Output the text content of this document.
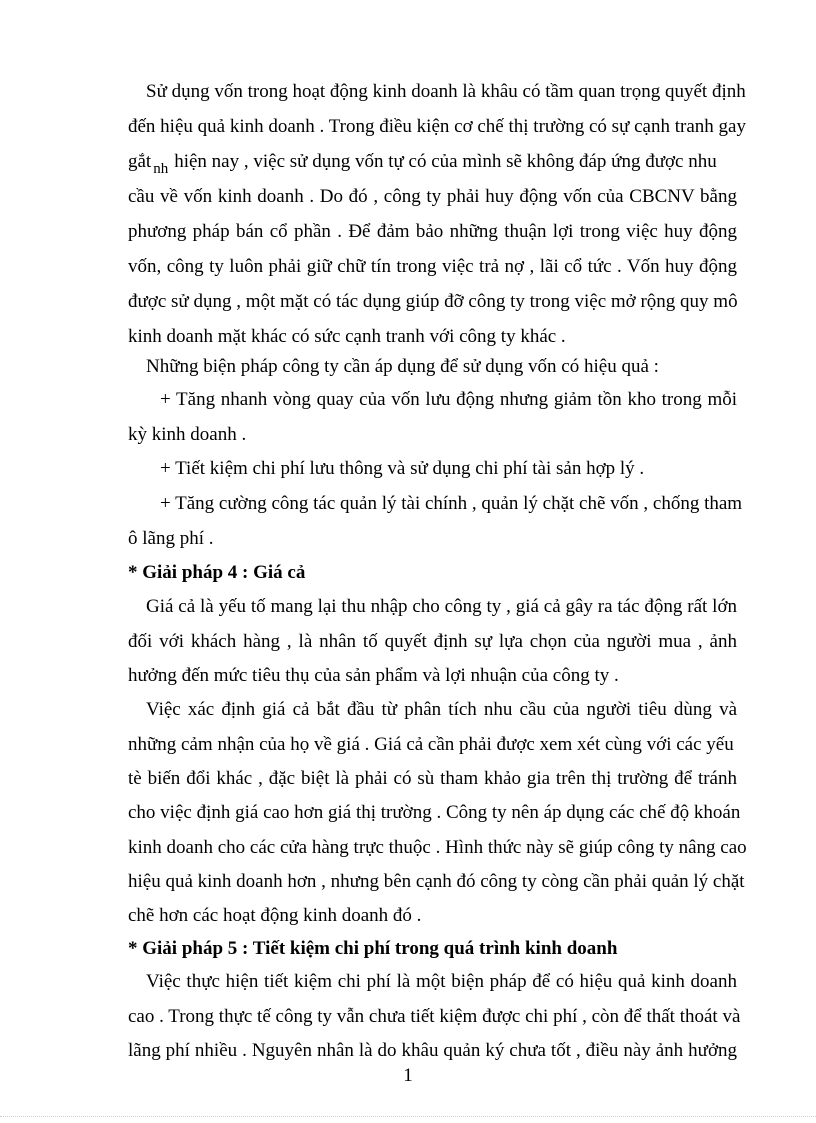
Sử dụng vốn trong hoạt động kinh doanh là khâu có tầm quan trọng quyết định
đến hiệu quả kinh doanh . Trong điều kiện cơ chế thị trường có sự cạnh tranh gay
gắt $_{nh}$ hiện nay , việc sử dụng vốn tự có của mình sẽ không đáp ứng được nhu
cầu về vốn kinh doanh . Do đó , công ty phải huy động vốn của CBCNV bằng
phương pháp bán cổ phần . Để đảm bảo những thuận lợi trong việc huy động
vốn, công ty luôn phải giữ chữ tín trong việc trả nợ , lãi cổ tức . Vốn huy động
được sử dụng , một mặt có tác dụng giúp đỡ công ty trong việc mở rộng quy mô
kinh doanh mặt khác có sức cạnh tranh với công ty khác .
Những biện pháp công ty cần áp dụng để sử dụng vốn có hiệu quả :
+ Tăng nhanh vòng quay của vốn lưu động nhưng giảm tồn kho trong mỗi
kỳ kinh doanh .
+ Tiết kiệm chi phí lưu thông và sử dụng chi phí tài sản hợp lý .
+ Tăng cường công tác quản lý tài chính , quản lý chặt chẽ vốn , chống tham
ô lãng phí .
* Giải pháp 4 : Giá cả
Giá cả là yếu tố mang lại thu nhập cho công ty , giá cả gây ra tác động rất lớn
đối với khách hàng , là nhân tố quyết định sự lựa chọn của người mua , ảnh
hưởng đến mức tiêu thụ của sản phẩm và lợi nhuận của công ty .
Việc xác định giá cả bắt đầu từ phân tích nhu cầu của người tiêu dùng và
những cảm nhận của họ về giá . Giá cả cần phải được xem xét cùng với các yếu
tè biến đổi khác , đặc biệt là phải có sù tham khảo gia trên thị trường để tránh
cho việc định giá cao hơn giá thị trường . Công ty nên áp dụng các chế độ khoán
kinh doanh cho các cửa hàng trực thuộc . Hình thức này sẽ giúp công ty nâng cao
hiệu quả kinh doanh hơn , nhưng bên cạnh đó công ty còng cần phải quản lý chặt
chẽ hơn các hoạt động kinh doanh đó .
* Giải pháp 5 : Tiết kiệm chi phí trong quá trình kinh doanh
Việc thực hiện tiết kiệm chi phí là một biện pháp để có hiệu quả kinh doanh
cao . Trong thực tế công ty vẫn chưa tiết kiệm được chi phí , còn để thất thoát và
lãng phí nhiều . Nguyên nhân là do khâu quản ký chưa tốt , điều này ảnh hưởng
1
